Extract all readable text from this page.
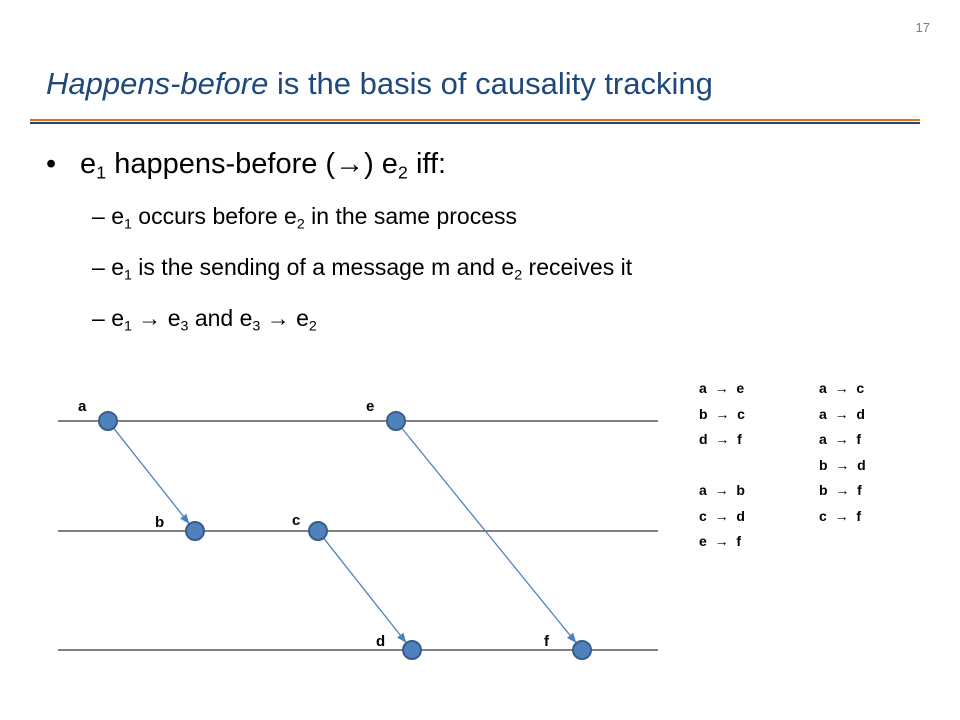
17
Happens-before is the basis of causality tracking
• $e_1$ happens-before (→) $e_2$ iff:
– $e_1$ occurs before $e_2$ in the same process
– $e_1$ is the sending of a message m and $e_2$ receives it
– $e_1 \to e_3$ and $e_3 \to e_2$
a  →  e
b  →  c
d  →  f
a  →  b
c  →  d
e  →  f
a  →  c
a  →  d
a  →  f
b  →  d
b  →  f
c  →  f
a	e
b	c
d	f
